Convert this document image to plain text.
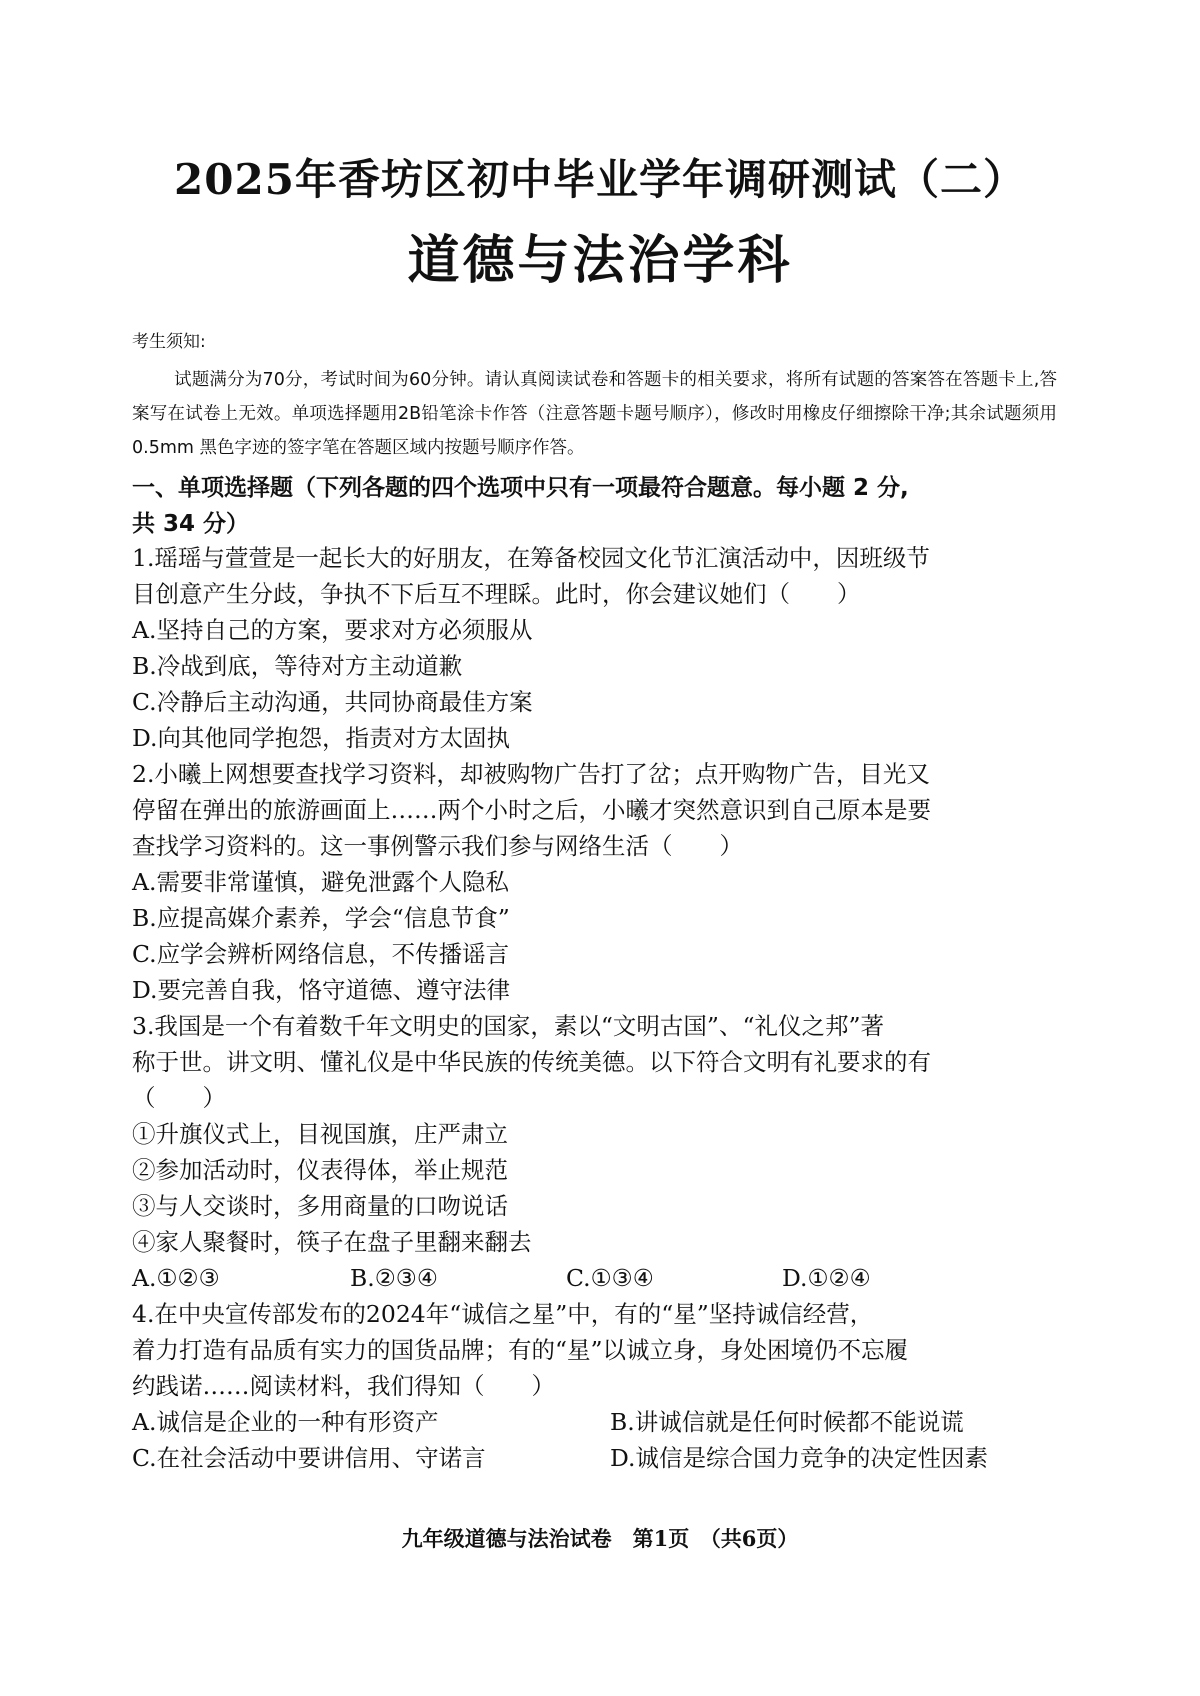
2025年香坊区初中毕业学年调研测试（二）
道德与法治学科
考生须知:
试题满分为70分，考试时间为60分钟。请认真阅读试卷和答题卡的相关要求，将所有试题的答案答在答题卡上,答案写在试卷上无效。单项选择题用2B铅笔涂卡作答（注意答题卡题号顺序），修改时用橡皮仔细擦除干净;其余试题须用0.5mm 黑色字迹的签字笔在答题区域内按题号顺序作答。
一、单项选择题（下列各题的四个选项中只有一项最符合题意。每小题 2 分,
共 34 分）
1.瑶瑶与萱萱是一起长大的好朋友，在筹备校园文化节汇演活动中，因班级节
目创意产生分歧，争执不下后互不理睬。此时，你会建议她们（　　）
A.坚持自己的方案，要求对方必须服从
B.冷战到底，等待对方主动道歉
C.冷静后主动沟通，共同协商最佳方案
D.向其他同学抱怨，指责对方太固执
2.小曦上网想要查找学习资料，却被购物广告打了岔；点开购物广告，目光又
停留在弹出的旅游画面上……两个小时之后，小曦才突然意识到自己原本是要
查找学习资料的。这一事例警示我们参与网络生活（　　）
A.需要非常谨慎，避免泄露个人隐私
B.应提高媒介素养，学会“信息节食”
C.应学会辨析网络信息，不传播谣言
D.要完善自我，恪守道德、遵守法律
3.我国是一个有着数千年文明史的国家，素以“文明古国”、“礼仪之邦”著
称于世。讲文明、懂礼仪是中华民族的传统美德。以下符合文明有礼要求的有
（　　）
①升旗仪式上，目视国旗，庄严肃立
②参加活动时，仪表得体，举止规范
③与人交谈时，多用商量的口吻说话
④家人聚餐时，筷子在盘子里翻来翻去
A.①②③	B.②③④	C.①③④	D.①②④
4.在中央宣传部发布的2024年“诚信之星”中，有的“星”坚持诚信经营，
着力打造有品质有实力的国货品牌；有的“星”以诚立身，身处困境仍不忘履
约践诺……阅读材料，我们得知（　　）
A.诚信是企业的一种有形资产	B.讲诚信就是任何时候都不能说谎
C.在社会活动中要讲信用、守诺言	D.诚信是综合国力竞争的决定性因素
九年级道德与法治试卷　第1页　（共6页）
